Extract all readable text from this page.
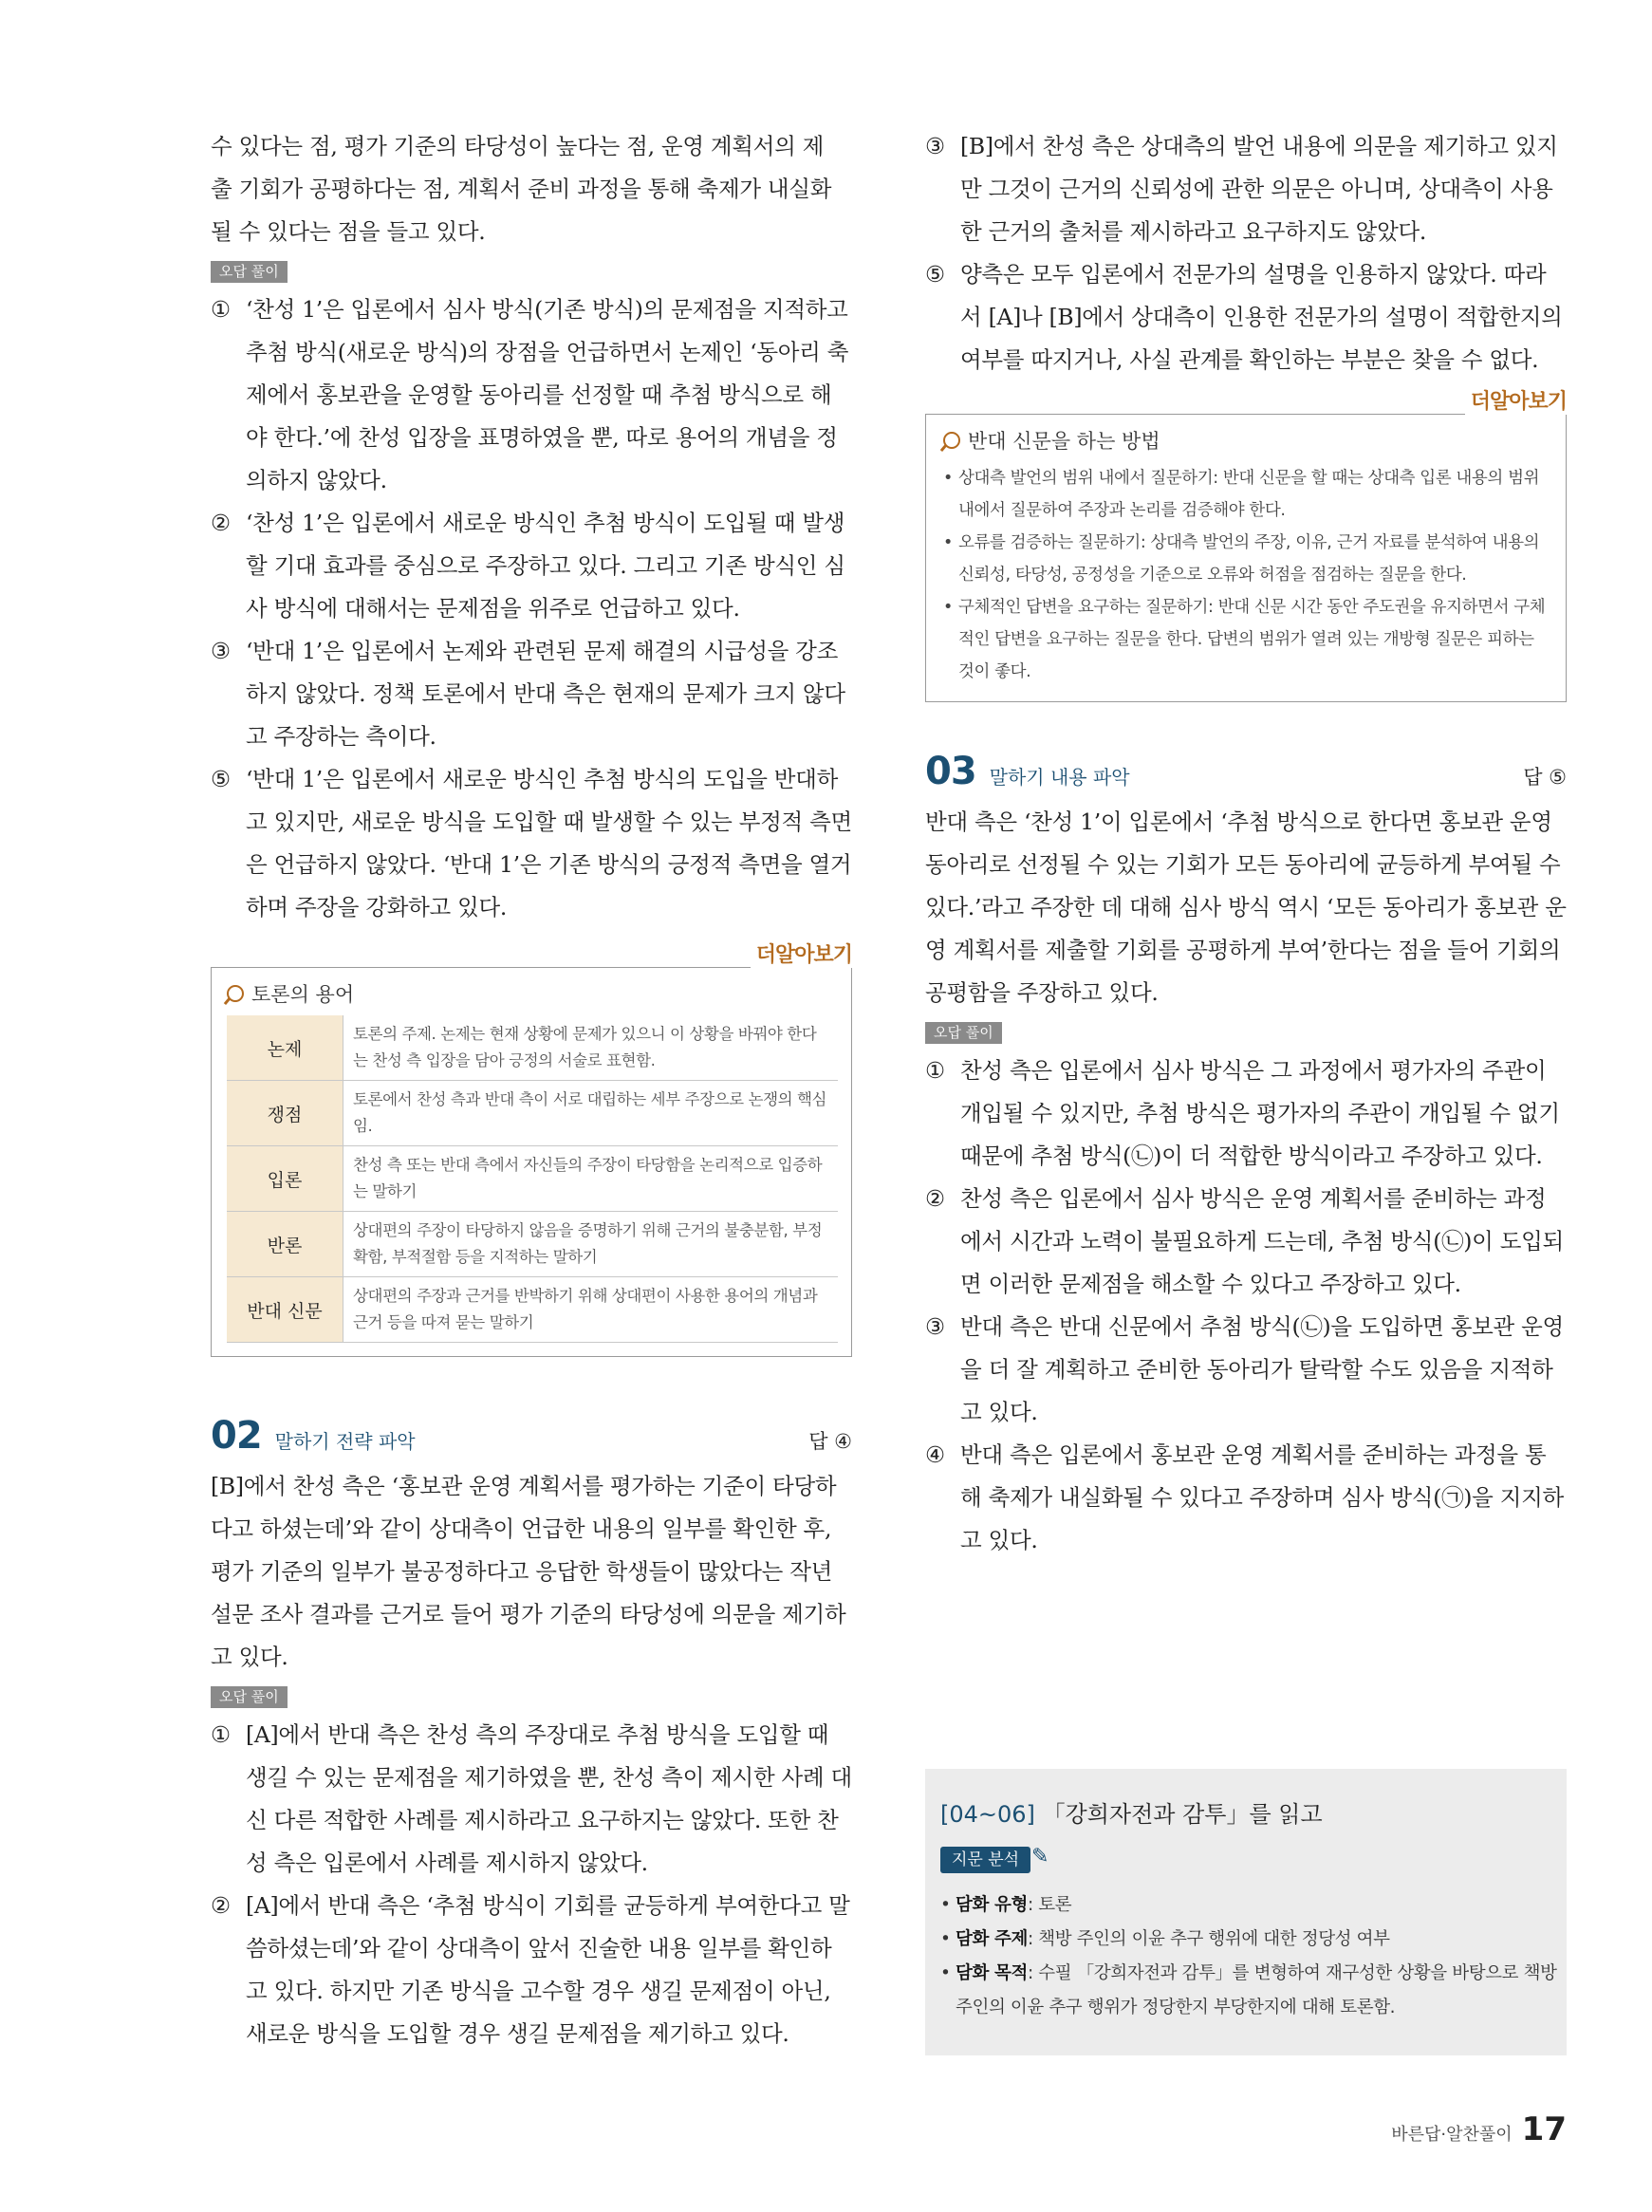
수 있다는 점, 평가 기준의 타당성이 높다는 점, 운영 계획서의 제

출 기회가 공평하다는 점, 계획서 준비 과정을 통해 축제가 내실화

될 수 있다는 점을 들고 있다.

오답 풀이
① ‘찬성 1’은 입론에서 심사 방식(기존 방식)의 문제점을 지적하고 추첨 방식(새로운 방식)의 장점을 언급하면서 논제인 ‘동아리 축제에서 홍보관을 운영할 동아리를 선정할 때 추첨 방식으로 해야 한다.’에 찬성 입장을 표명하였을 뿐, 따로 용어의 개념을 정의하지 않았다.
② ‘찬성 1’은 입론에서 새로운 방식인 추첨 방식이 도입될 때 발생할 기대 효과를 중심으로 주장하고 있다. 그리고 기존 방식인 심사 방식에 대해서는 문제점을 위주로 언급하고 있다.
③ ‘반대 1’은 입론에서 논제와 관련된 문제 해결의 시급성을 강조하지 않았다. 정책 토론에서 반대 측은 현재의 문제가 크지 않다고 주장하는 측이다.
⑤ ‘반대 1’은 입론에서 새로운 방식인 추첨 방식의 도입을 반대하고 있지만, 새로운 방식을 도입할 때 발생할 수 있는 부정적 측면은 언급하지 않았다. ‘반대 1’은 기존 방식의 긍정적 측면을 열거하며 주장을 강화하고 있다.
더알아보기
토론의 용어
논제	토론의 주제. 논제는 현재 상황에 문제가 있으니 이 상황을 바꿔야 한다는 찬성 측 입장을 담아 긍정의 서술로 표현함.
쟁점	토론에서 찬성 측과 반대 측이 서로 대립하는 세부 주장으로 논쟁의 핵심임.
입론	찬성 측 또는 반대 측에서 자신들의 주장이 타당함을 논리적으로 입증하는 말하기
반론	상대편의 주장이 타당하지 않음을 증명하기 위해 근거의 불충분함, 부정확함, 부적절함 등을 지적하는 말하기
반대 신문	상대편의 주장과 근거를 반박하기 위해 상대편이 사용한 용어의 개념과 근거 등을 따져 묻는 말하기
02 말하기 전략 파악	답 ④

[B]에서 찬성 측은 ‘홍보관 운영 계획서를 평가하는 기준이 타당하다고 하셨는데’와 같이 상대측이 언급한 내용의 일부를 확인한 후, 평가 기준의 일부가 불공정하다고 응답한 학생들이 많았다는 작년 설문 조사 결과를 근거로 들어 평가 기준의 타당성에 의문을 제기하고 있다.

오답 풀이
① [A]에서 반대 측은 찬성 측의 주장대로 추첨 방식을 도입할 때 생길 수 있는 문제점을 제기하였을 뿐, 찬성 측이 제시한 사례 대신 다른 적합한 사례를 제시하라고 요구하지는 않았다. 또한 찬성 측은 입론에서 사례를 제시하지 않았다.
② [A]에서 반대 측은 ‘추첨 방식이 기회를 균등하게 부여한다고 말씀하셨는데’와 같이 상대측이 앞서 진술한 내용 일부를 확인하고 있다. 하지만 기존 방식을 고수할 경우 생길 문제점이 아닌, 새로운 방식을 도입할 경우 생길 문제점을 제기하고 있다.
③ [B]에서 찬성 측은 상대측의 발언 내용에 의문을 제기하고 있지만 그것이 근거의 신뢰성에 관한 의문은 아니며, 상대측이 사용한 근거의 출처를 제시하라고 요구하지도 않았다.
⑤ 양측은 모두 입론에서 전문가의 설명을 인용하지 않았다. 따라서 [A]나 [B]에서 상대측이 인용한 전문가의 설명이 적합한지의 여부를 따지거나, 사실 관계를 확인하는 부분은 찾을 수 없다.
더알아보기
반대 신문을 하는 방법
• 상대측 발언의 범위 내에서 질문하기: 반대 신문을 할 때는 상대측 입론 내용의 범위 내에서 질문하여 주장과 논리를 검증해야 한다.
• 오류를 검증하는 질문하기: 상대측 발언의 주장, 이유, 근거 자료를 분석하여 내용의 신뢰성, 타당성, 공정성을 기준으로 오류와 허점을 점검하는 질문을 한다.
• 구체적인 답변을 요구하는 질문하기: 반대 신문 시간 동안 주도권을 유지하면서 구체적인 답변을 요구하는 질문을 한다. 답변의 범위가 열려 있는 개방형 질문은 피하는 것이 좋다.
03 말하기 내용 파악	답 ⑤

반대 측은 ‘찬성 1’이 입론에서 ‘추첨 방식으로 한다면 홍보관 운영 동아리로 선정될 수 있는 기회가 모든 동아리에 균등하게 부여될 수 있다.’라고 주장한 데 대해 심사 방식 역시 ‘모든 동아리가 홍보관 운영 계획서를 제출할 기회를 공평하게 부여’한다는 점을 들어 기회의 공평함을 주장하고 있다.

오답 풀이
① 찬성 측은 입론에서 심사 방식은 그 과정에서 평가자의 주관이 개입될 수 있지만, 추첨 방식은 평가자의 주관이 개입될 수 없기 때문에 추첨 방식(㉡)이 더 적합한 방식이라고 주장하고 있다.
② 찬성 측은 입론에서 심사 방식은 운영 계획서를 준비하는 과정에서 시간과 노력이 불필요하게 드는데, 추첨 방식(㉡)이 도입되면 이러한 문제점을 해소할 수 있다고 주장하고 있다.
③ 반대 측은 반대 신문에서 추첨 방식(㉡)을 도입하면 홍보관 운영을 더 잘 계획하고 준비한 동아리가 탈락할 수도 있음을 지적하고 있다.
④ 반대 측은 입론에서 홍보관 운영 계획서를 준비하는 과정을 통해 축제가 내실화될 수 있다고 주장하며 심사 방식(㉠)을 지지하고 있다.
[04~06] 「강희자전과 감투」를 읽고
지문 분석 ✎
• 담화 유형: 토론
• 담화 주제: 책방 주인의 이윤 추구 행위에 대한 정당성 여부
• 담화 목적: 수필 「강희자전과 감투」를 변형하여 재구성한 상황을 바탕으로 책방 주인의 이윤 추구 행위가 정당한지 부당한지에 대해 토론함.
바른답·알찬풀이 17
